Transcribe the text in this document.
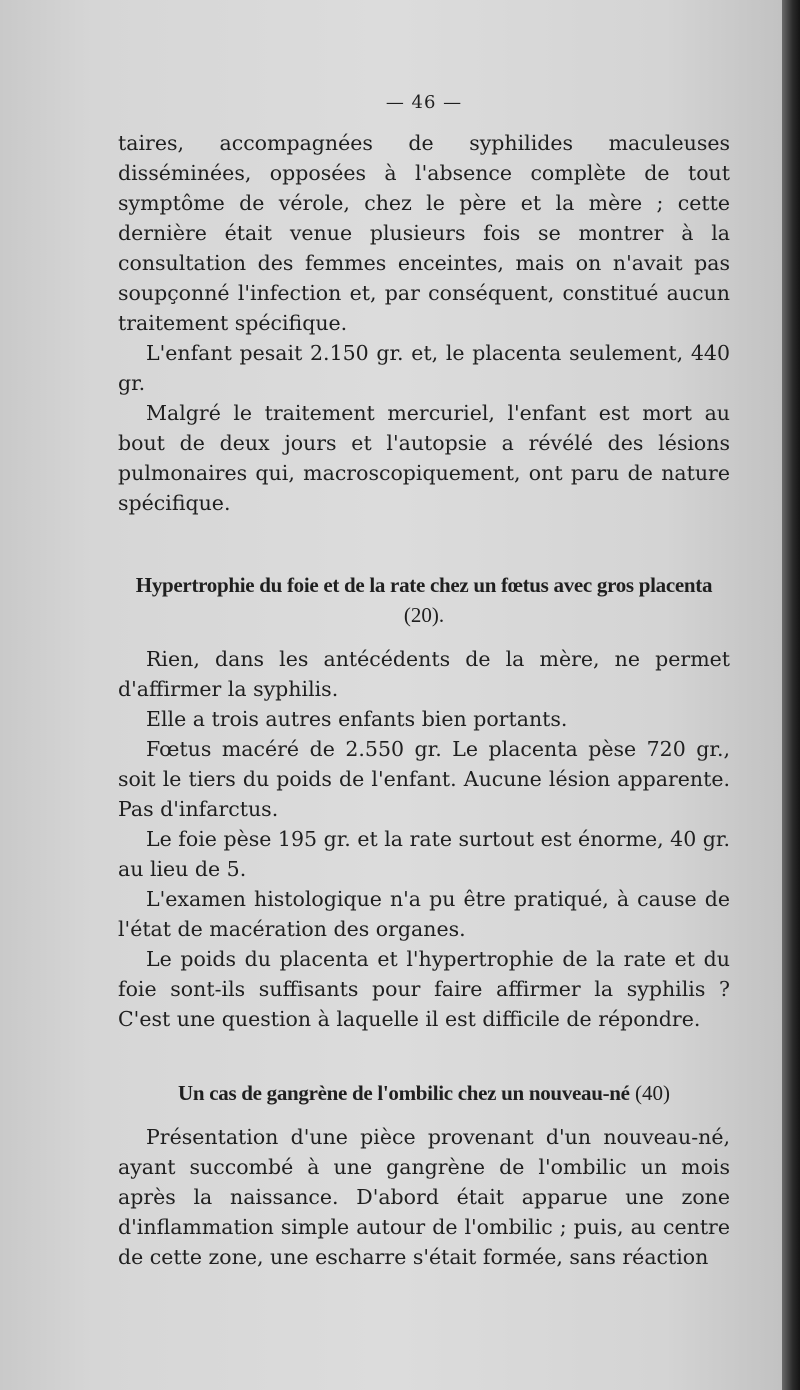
— 46 —

taires, accompagnées de syphilides maculeuses disséminées, opposées à l'absence complète de tout symptôme de vérole, chez le père et la mère ; cette dernière était venue plusieurs fois se montrer à la consultation des femmes enceintes, mais on n'avait pas soupçonné l'infection et, par conséquent, constitué aucun traitement spécifique.

L'enfant pesait 2.150 gr. et, le placenta seulement, 440 gr.

Malgré le traitement mercuriel, l'enfant est mort au bout de deux jours et l'autopsie a révélé des lésions pulmonaires qui, macroscopiquement, ont paru de nature spécifique.

Hypertrophie du foie et de la rate chez un fœtus avec gros placenta (20).

Rien, dans les antécédents de la mère, ne permet d'affirmer la syphilis.

Elle a trois autres enfants bien portants.

Fœtus macéré de 2.550 gr. Le placenta pèse 720 gr., soit le tiers du poids de l'enfant. Aucune lésion apparente. Pas d'infarctus.

Le foie pèse 195 gr. et la rate surtout est énorme, 40 gr. au lieu de 5.

L'examen histologique n'a pu être pratiqué, à cause de l'état de macération des organes.

Le poids du placenta et l'hypertrophie de la rate et du foie sont-ils suffisants pour faire affirmer la syphilis ? C'est une question à laquelle il est difficile de répondre.

Un cas de gangrène de l'ombilic chez un nouveau-né (40)

Présentation d'une pièce provenant d'un nouveau-né, ayant succombé à une gangrène de l'ombilic un mois après la naissance. D'abord était apparue une zone d'inflammation simple autour de l'ombilic ; puis, au centre de cette zone, une escharre s'était formée, sans réaction
